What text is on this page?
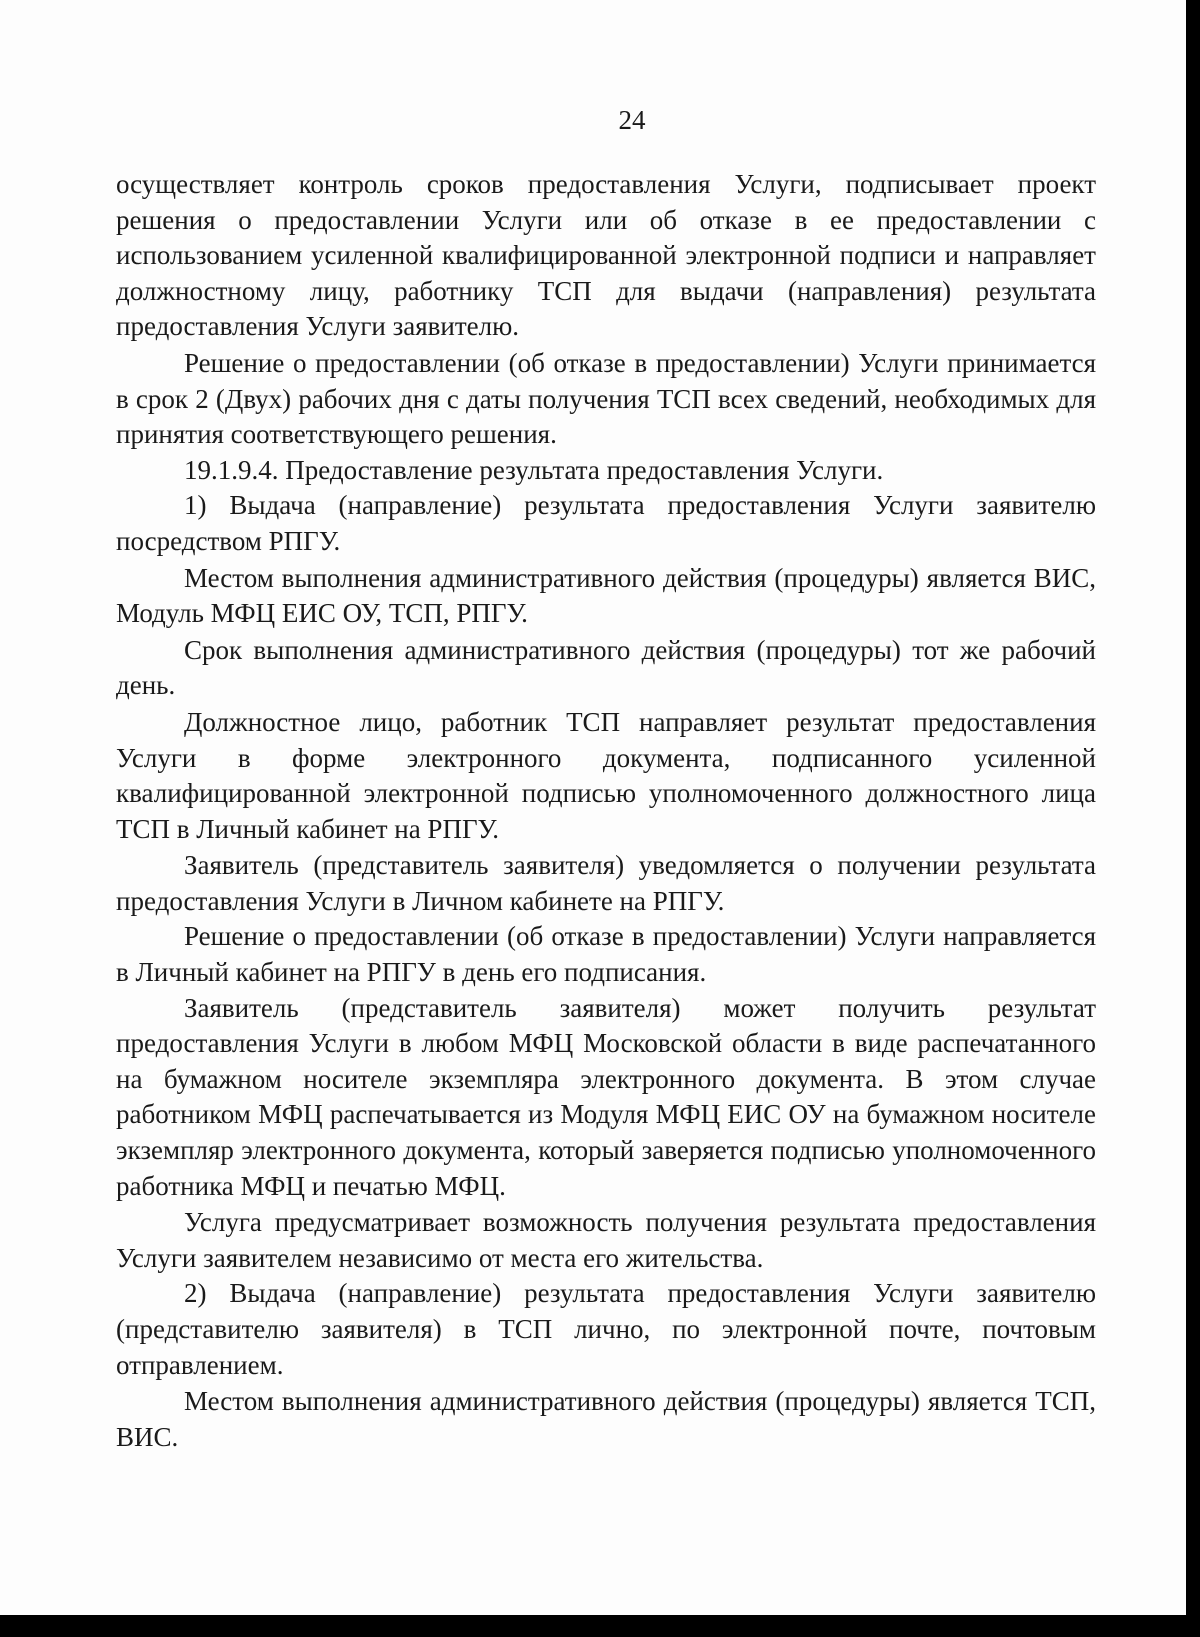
24

осуществляет контроль сроков предоставления Услуги, подписывает проект решения о предоставлении Услуги или об отказе в ее предоставлении с использованием усиленной квалифицированной электронной подписи и направляет должностному лицу, работнику ТСП для выдачи (направления) результата предоставления Услуги заявителю.

Решение о предоставлении (об отказе в предоставлении) Услуги принимается в срок 2 (Двух) рабочих дня с даты получения ТСП всех сведений, необходимых для принятия соответствующего решения.

19.1.9.4. Предоставление результата предоставления Услуги.

1) Выдача (направление) результата предоставления Услуги заявителю посредством РПГУ.

Местом выполнения административного действия (процедуры) является ВИС, Модуль МФЦ ЕИС ОУ, ТСП, РПГУ.

Срок выполнения административного действия (процедуры) тот же рабочий день.

Должностное лицо, работник ТСП направляет результат предоставления Услуги в форме электронного документа, подписанного усиленной квалифицированной электронной подписью уполномоченного должностного лица ТСП в Личный кабинет на РПГУ.

Заявитель (представитель заявителя) уведомляется о получении результата предоставления Услуги в Личном кабинете на РПГУ.

Решение о предоставлении (об отказе в предоставлении) Услуги направляется в Личный кабинет на РПГУ в день его подписания.

Заявитель (представитель заявителя) может получить результат предоставления Услуги в любом МФЦ Московской области в виде распечатанного на бумажном носителе экземпляра электронного документа. В этом случае работником МФЦ распечатывается из Модуля МФЦ ЕИС ОУ на бумажном носителе экземпляр электронного документа, который заверяется подписью уполномоченного работника МФЦ и печатью МФЦ.

Услуга предусматривает возможность получения результата предоставления Услуги заявителем независимо от места его жительства.

2) Выдача (направление) результата предоставления Услуги заявителю (представителю заявителя) в ТСП лично, по электронной почте, почтовым отправлением.

Местом выполнения административного действия (процедуры) является ТСП, ВИС.
